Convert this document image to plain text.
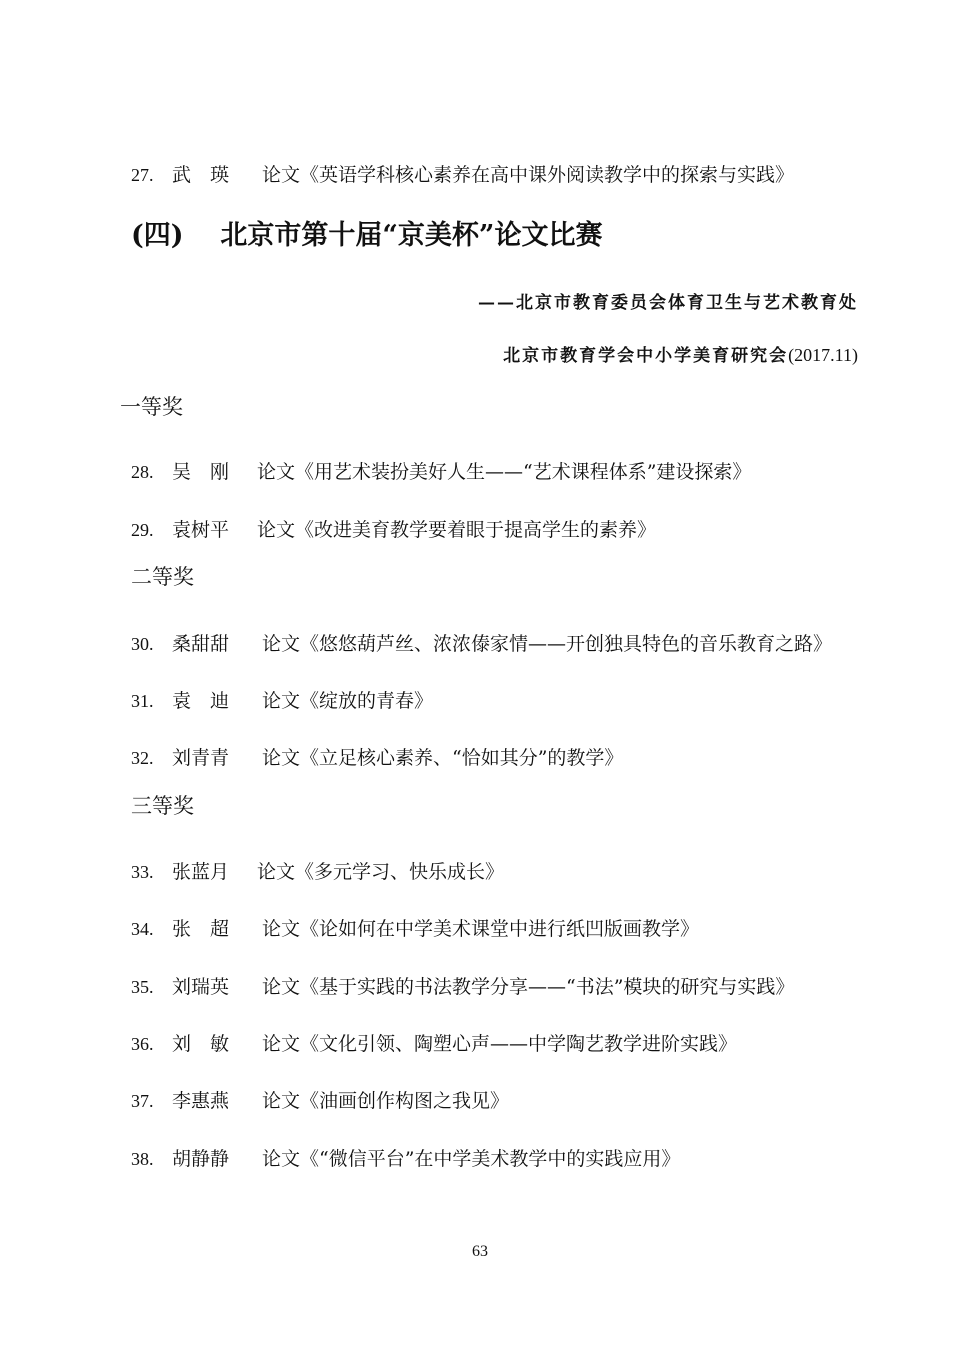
27. 武瑛 论文《英语学科核心素养在高中课外阅读教学中的探索与实践》
(四) 北京市第十届“京美杯”论文比赛
——北京市教育委员会体育卫生与艺术教育处
北京市教育学会中小学美育研究会(2017.11)
一等奖
28. 吴刚 论文《用艺术装扮美好人生——“艺术课程体系”建设探索》
29. 袁树平 论文《改进美育教学要着眼于提高学生的素养》
二等奖
30. 桑甜甜 论文《悠悠葫芦丝、浓浓傣家情——开创独具特色的音乐教育之路》
31. 袁迪 论文《绽放的青春》
32. 刘青青 论文《立足核心素养、“恰如其分”的教学》
三等奖
33. 张蓝月 论文《多元学习、快乐成长》
34. 张超 论文《论如何在中学美术课堂中进行纸凹版画教学》
35. 刘瑞英 论文《基于实践的书法教学分享——“书法”模块的研究与实践》
36. 刘敏 论文《文化引领、陶塑心声——中学陶艺教学进阶实践》
37. 李惠燕 论文《油画创作构图之我见》
38. 胡静静 论文《“微信平台”在中学美术教学中的实践应用》
63
